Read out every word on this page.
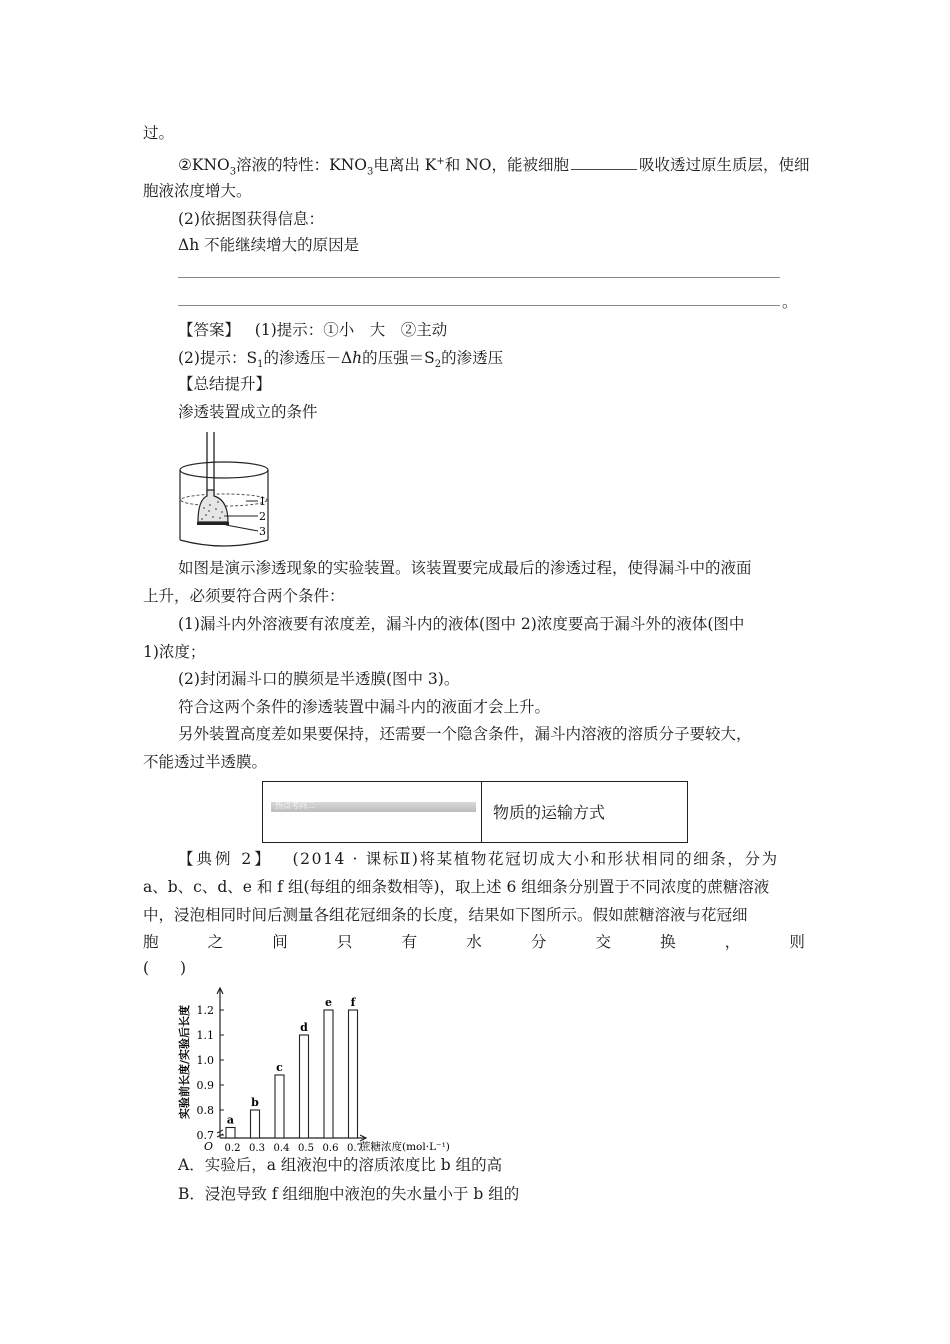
过。
$②KNO_3$溶液的特性：$KNO_3$电离出 K+和 NO，能被细胞	吸收透过原生质层，使细
胞液浓度增大。
(2)依据图获得信息：
Δh 不能继续增大的原因是
。
【答案】 (1)提示：①小　大　②主动
(2)提示：$S_1$的渗透压－Δh的压强$=S_2$的渗透压
【总结提升】
渗透装置成立的条件
1
2
3
如图是演示渗透现象的实验装置。该装置要完成最后的渗透过程，使得漏斗中的液面
上升，必须要符合两个条件：
(1)漏斗内外溶液要有浓度差，漏斗内的液体(图中 2)浓度要高于漏斗外的液体(图中
1)浓度；
(2)封闭漏斗口的膜须是半透膜(图中 3)。
符合这两个条件的渗透装置中漏斗内的液面才会上升。
另外装置高度差如果要保持，还需要一个隐含条件，漏斗内溶液的溶质分子要较大，
不能透过半透膜。
热点考向二	物质的运输方式
【典例 2】 (2014 · 课标Ⅱ)将某植物花冠切成大小和形状相同的细条，分为
a、b、c、d、e 和 f 组(每组的细条数相等)，取上述 6 组细条分别置于不同浓度的蔗糖溶液
中，浸泡相同时间后测量各组花冠细条的长度，结果如下图所示。假如蔗糖溶液与花冠细
胞	之	间	只	有	水	分	交	换	，	则
(　　)
0.7
0.8
0.9
1.0
1.1
1.2
O
实验前长度/实验后长度
0.2 0.3 0.4 0.5 0.6 0.7
蔗糖浓度(mol·L⁻¹)
a
b
c
d
e f
A．实验后，a 组液泡中的溶质浓度比 b 组的高
B．浸泡导致 f 组细胞中液泡的失水量小于 b 组的
